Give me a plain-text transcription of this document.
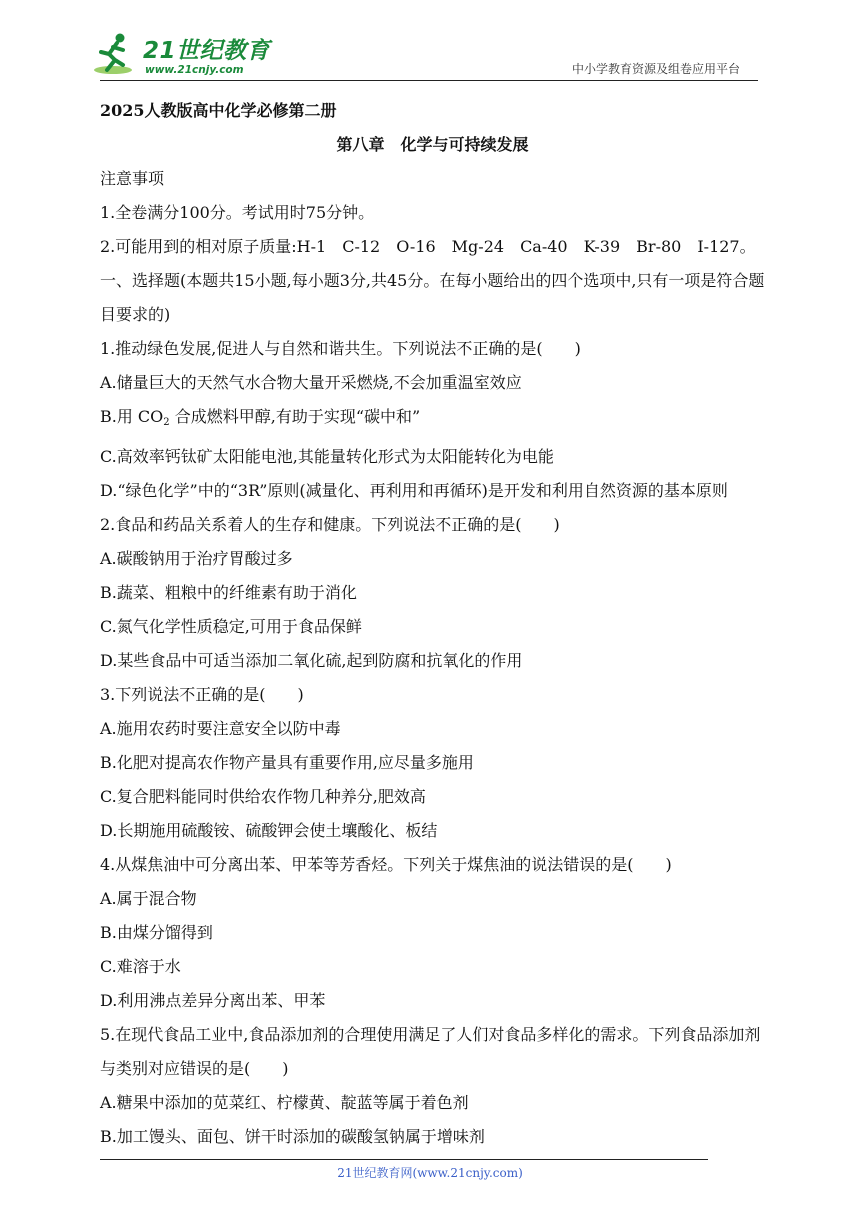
21世纪教育
www.21cnjy.com	中小学教育资源及组卷应用平台

2025人教版高中化学必修第二册

第八章　化学与可持续发展

注意事项

1.全卷满分100分。考试用时75分钟。

2.可能用到的相对原子质量:H-1　C-12　O-16　Mg-24　Ca-40　K-39　Br-80　I-127。

一、选择题(本题共15小题,每小题3分,共45分。在每小题给出的四个选项中,只有一项是符合题目要求的)

1.推动绿色发展,促进人与自然和谐共生。下列说法不正确的是(　　)

A.储量巨大的天然气水合物大量开采燃烧,不会加重温室效应

B.用 $CO_2$ 合成燃料甲醇,有助于实现“碳中和”

C.高效率钙钛矿太阳能电池,其能量转化形式为太阳能转化为电能

D.“绿色化学”中的“3R”原则(减量化、再利用和再循环)是开发和利用自然资源的基本原则

2.食品和药品关系着人的生存和健康。下列说法不正确的是(　　)

A.碳酸钠用于治疗胃酸过多

B.蔬菜、粗粮中的纤维素有助于消化

C.氮气化学性质稳定,可用于食品保鲜

D.某些食品中可适当添加二氧化硫,起到防腐和抗氧化的作用

3.下列说法不正确的是(　　)

A.施用农药时要注意安全以防中毒

B.化肥对提高农作物产量具有重要作用,应尽量多施用

C.复合肥料能同时供给农作物几种养分,肥效高

D.长期施用硫酸铵、硫酸钾会使土壤酸化、板结

4.从煤焦油中可分离出苯、甲苯等芳香烃。下列关于煤焦油的说法错误的是(　　)

A.属于混合物

B.由煤分馏得到

C.难溶于水

D.利用沸点差异分离出苯、甲苯

5.在现代食品工业中,食品添加剂的合理使用满足了人们对食品多样化的需求。下列食品添加剂与类别对应错误的是(　　)

A.糖果中添加的苋菜红、柠檬黄、靛蓝等属于着色剂

B.加工馒头、面包、饼干时添加的碳酸氢钠属于增味剂

21世纪教育网(www.21cnjy.com)
